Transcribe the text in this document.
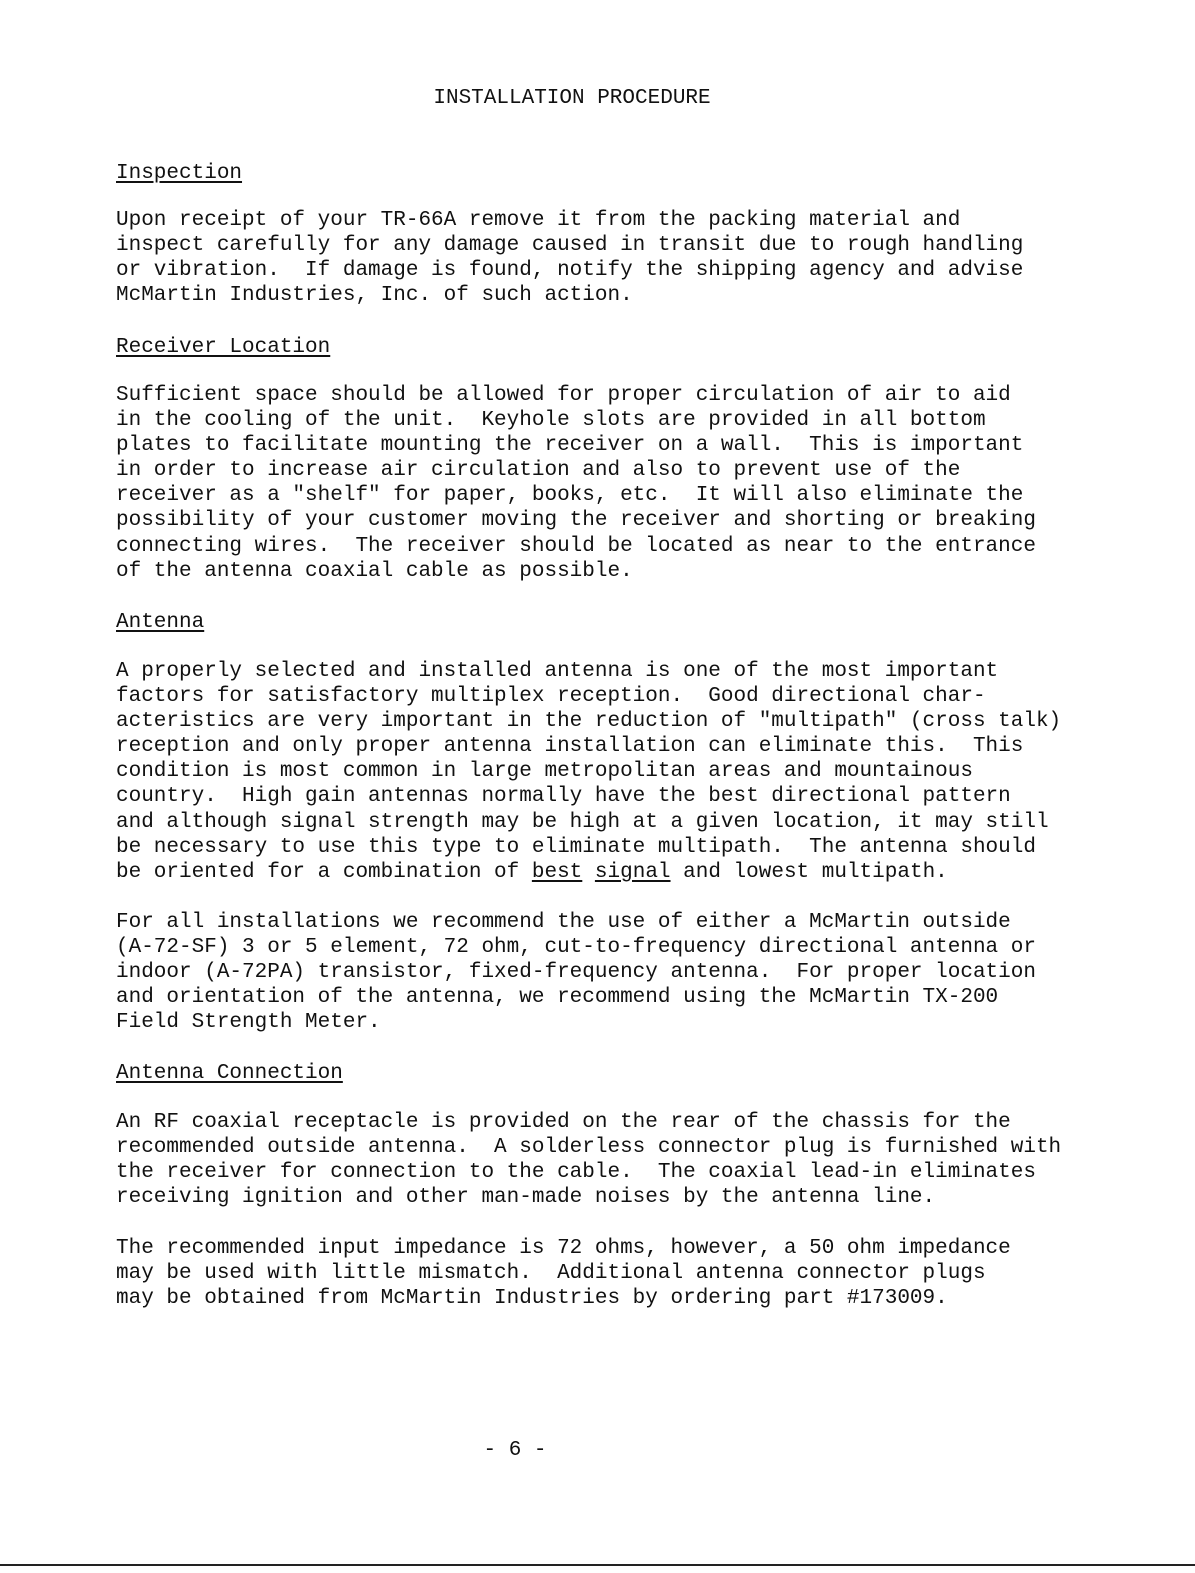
INSTALLATION PROCEDURE
Inspection
Upon receipt of your TR-66A remove it from the packing material and
inspect carefully for any damage caused in transit due to rough handling
or vibration.  If damage is found, notify the shipping agency and advise
McMartin Industries, Inc. of such action.
Receiver Location
Sufficient space should be allowed for proper circulation of air to aid
in the cooling of the unit.  Keyhole slots are provided in all bottom
plates to facilitate mounting the receiver on a wall.  This is important
in order to increase air circulation and also to prevent use of the
receiver as a "shelf" for paper, books, etc.  It will also eliminate the
possibility of your customer moving the receiver and shorting or breaking
connecting wires.  The receiver should be located as near to the entrance
of the antenna coaxial cable as possible.
Antenna
A properly selected and installed antenna is one of the most important
factors for satisfactory multiplex reception.  Good directional char-
acteristics are very important in the reduction of "multipath" (cross talk)
reception and only proper antenna installation can eliminate this.  This
condition is most common in large metropolitan areas and mountainous
country.  High gain antennas normally have the best directional pattern
and although signal strength may be high at a given location, it may still
be necessary to use this type to eliminate multipath.  The antenna should
be oriented for a combination of best signal and lowest multipath.
For all installations we recommend the use of either a McMartin outside
(A-72-SF) 3 or 5 element, 72 ohm, cut-to-frequency directional antenna or
indoor (A-72PA) transistor, fixed-frequency antenna.  For proper location
and orientation of the antenna, we recommend using the McMartin TX-200
Field Strength Meter.
Antenna Connection
An RF coaxial receptacle is provided on the rear of the chassis for the
recommended outside antenna.  A solderless connector plug is furnished with
the receiver for connection to the cable.  The coaxial lead-in eliminates
receiving ignition and other man-made noises by the antenna line.
The recommended input impedance is 72 ohms, however, a 50 ohm impedance
may be used with little mismatch.  Additional antenna connector plugs
may be obtained from McMartin Industries by ordering part #173009.
- 6 -
